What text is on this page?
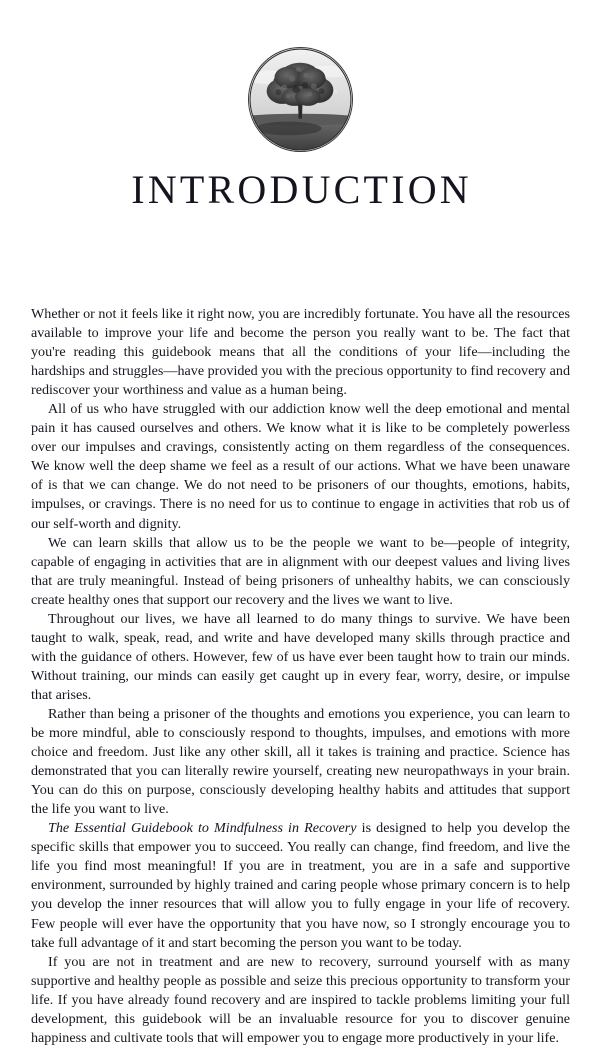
INTRODUCTION

Whether or not it feels like it right now, you are incredibly fortunate. You have all the resources available to improve your life and become the person you really want to be. The fact that you're reading this guidebook means that all the conditions of your life—including the hardships and struggles—have provided you with the precious opportunity to find recovery and rediscover your worthiness and value as a human being.

All of us who have struggled with our addiction know well the deep emotional and mental pain it has caused ourselves and others. We know what it is like to be completely powerless over our impulses and cravings, consistently acting on them regardless of the consequences. We know well the deep shame we feel as a result of our actions. What we have been unaware of is that we can change. We do not need to be prisoners of our thoughts, emotions, habits, impulses, or cravings. There is no need for us to continue to engage in activities that rob us of our self-worth and dignity.

We can learn skills that allow us to be the people we want to be—people of integrity, capable of engaging in activities that are in alignment with our deepest values and living lives that are truly meaningful. Instead of being prisoners of unhealthy habits, we can consciously create healthy ones that support our recovery and the lives we want to live.

Throughout our lives, we have all learned to do many things to survive. We have been taught to walk, speak, read, and write and have developed many skills through practice and with the guidance of others. However, few of us have ever been taught how to train our minds. Without training, our minds can easily get caught up in every fear, worry, desire, or impulse that arises.

Rather than being a prisoner of the thoughts and emotions you experience, you can learn to be more mindful, able to consciously respond to thoughts, impulses, and emotions with more choice and freedom. Just like any other skill, all it takes is training and practice. Science has demonstrated that you can literally rewire yourself, creating new neuropathways in your brain. You can do this on purpose, consciously developing healthy habits and attitudes that support the life you want to live.

The Essential Guidebook to Mindfulness in Recovery is designed to help you develop the specific skills that empower you to succeed. You really can change, find freedom, and live the life you find most meaningful! If you are in treatment, you are in a safe and supportive environment, surrounded by highly trained and caring people whose primary concern is to help you develop the inner resources that will allow you to fully engage in your life of recovery. Few people will ever have the opportunity that you have now, so I strongly encourage you to take full advantage of it and start becoming the person you want to be today.

If you are not in treatment and are new to recovery, surround yourself with as many supportive and healthy people as possible and seize this precious opportunity to transform your life. If you have already found recovery and are inspired to tackle problems limiting your full development, this guidebook will be an invaluable resource for you to discover genuine happiness and cultivate tools that will empower you to engage more productively in your life.
